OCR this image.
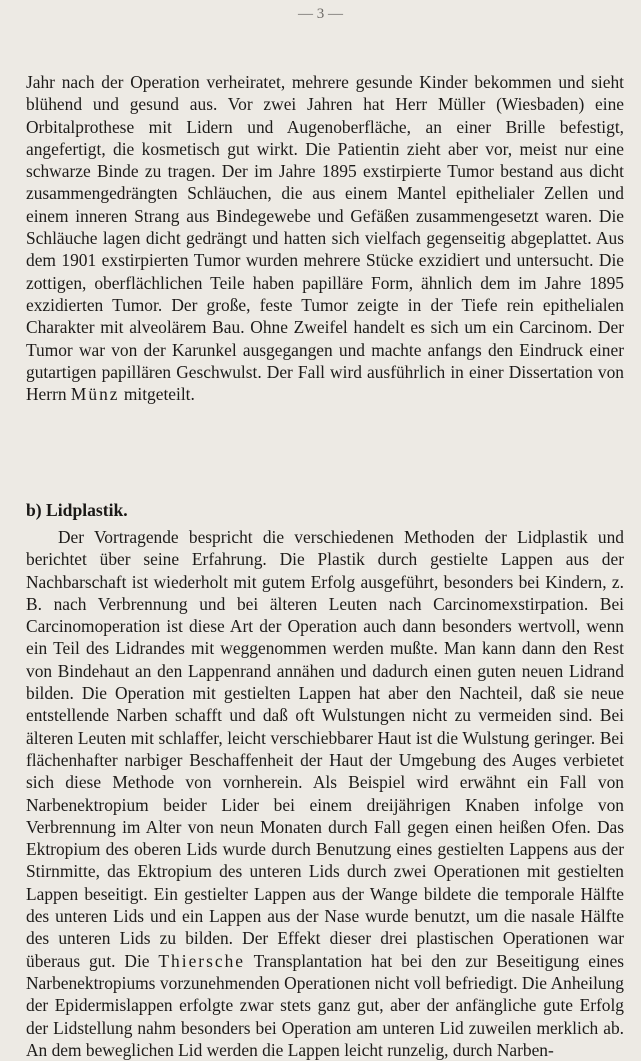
— 3 —
Jahr nach der Operation verheiratet, mehrere gesunde Kinder bekommen und sieht blühend und gesund aus. Vor zwei Jahren hat Herr Müller (Wiesbaden) eine Orbitalprothese mit Lidern und Augenoberfläche, an einer Brille befestigt, angefertigt, die kosmetisch gut wirkt. Die Patientin zieht aber vor, meist nur eine schwarze Binde zu tragen. Der im Jahre 1895 exstirpierte Tumor bestand aus dicht zusammengedrängten Schläuchen, die aus einem Mantel epithelialer Zellen und einem inneren Strang aus Bindegewebe und Gefäßen zusammengesetzt waren. Die Schläuche lagen dicht gedrängt und hatten sich vielfach gegenseitig abgeplattet. Aus dem 1901 exstirpierten Tumor wurden mehrere Stücke exzidiert und untersucht. Die zottigen, oberflächlichen Teile haben papilläre Form, ähnlich dem im Jahre 1895 exzidierten Tumor. Der große, feste Tumor zeigte in der Tiefe rein epithelialen Charakter mit alveolärem Bau. Ohne Zweifel handelt es sich um ein Carcinom. Der Tumor war von der Karunkel ausgegangen und machte anfangs den Eindruck einer gutartigen papillären Geschwulst. Der Fall wird ausführlich in einer Dissertation von Herrn Münz mitgeteilt.
b) Lidplastik.
Der Vortragende bespricht die verschiedenen Methoden der Lidplastik und berichtet über seine Erfahrung. Die Plastik durch gestielte Lappen aus der Nachbarschaft ist wiederholt mit gutem Erfolg ausgeführt, besonders bei Kindern, z. B. nach Verbrennung und bei älteren Leuten nach Carcinomexstirpation. Bei Carcinomoperation ist diese Art der Operation auch dann besonders wertvoll, wenn ein Teil des Lidrandes mit weggenommen werden mußte. Man kann dann den Rest von Bindehaut an den Lappenrand annähen und dadurch einen guten neuen Lidrand bilden. Die Operation mit gestielten Lappen hat aber den Nachteil, daß sie neue entstellende Narben schafft und daß oft Wulstungen nicht zu vermeiden sind. Bei älteren Leuten mit schlaffer, leicht verschiebbarer Haut ist die Wulstung geringer. Bei flächenhafter narbiger Beschaffenheit der Haut der Umgebung des Auges verbietet sich diese Methode von vornherein. Als Beispiel wird erwähnt ein Fall von Narbenektropium beider Lider bei einem dreijährigen Knaben infolge von Verbrennung im Alter von neun Monaten durch Fall gegen einen heißen Ofen. Das Ektropium des oberen Lids wurde durch Benutzung eines gestielten Lappens aus der Stirnmitte, das Ektropium des unteren Lids durch zwei Operationen mit gestielten Lappen beseitigt. Ein gestielter Lappen aus der Wange bildete die temporale Hälfte des unteren Lids und ein Lappen aus der Nase wurde benutzt, um die nasale Hälfte des unteren Lids zu bilden. Der Effekt dieser drei plastischen Operationen war überaus gut. Die Thiersche Transplantation hat bei den zur Beseitigung eines Narbenektropiums vorzunehmenden Operationen nicht voll befriedigt. Die Anheilung der Epidermislappen erfolgte zwar stets ganz gut, aber der anfängliche gute Erfolg der Lidstellung nahm besonders bei Operation am unteren Lid zuweilen merklich ab. An dem beweglichen Lid werden die Lappen leicht runzelig, durch Narben-
